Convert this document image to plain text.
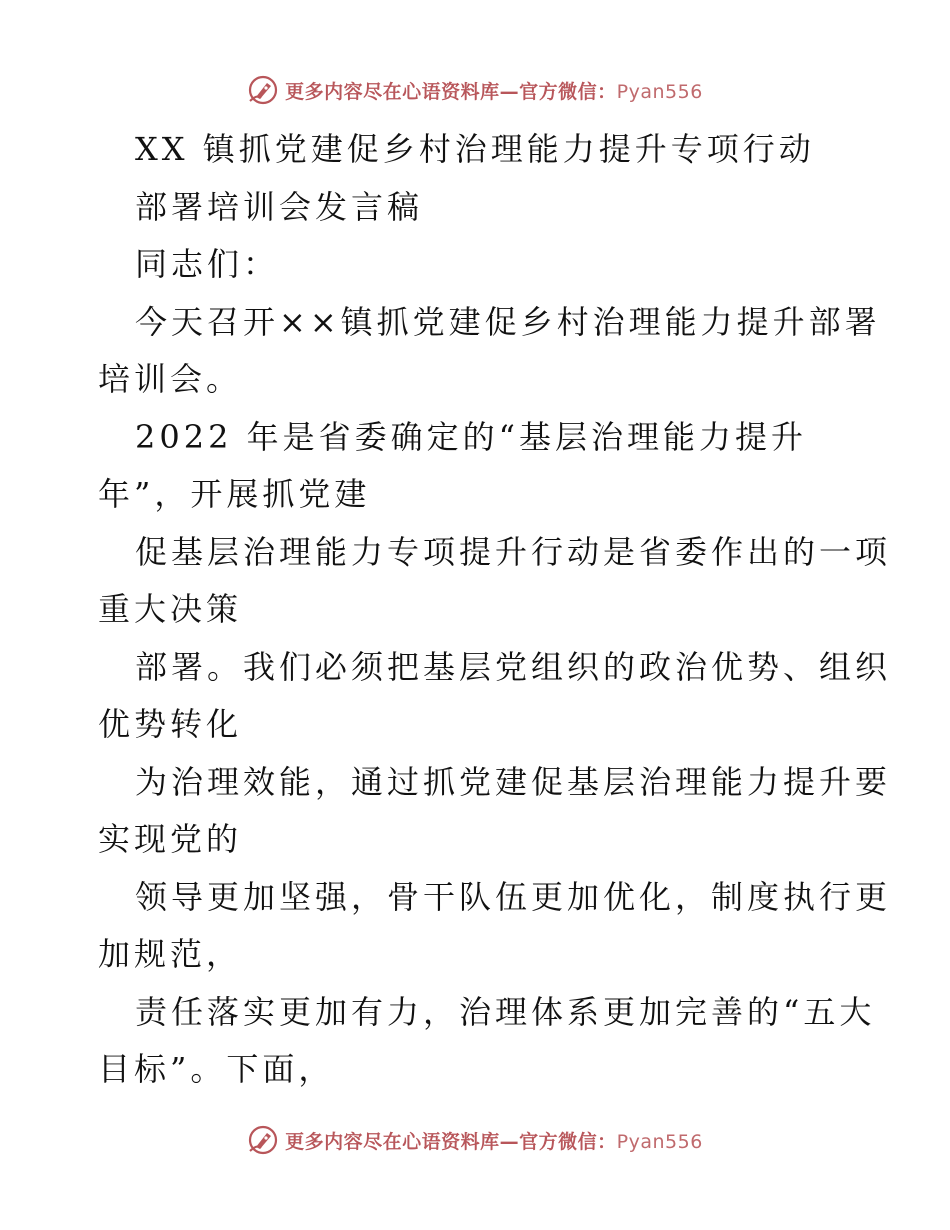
更多内容尽在心语资料库—官方微信：Pyan556
XX 镇抓党建促乡村治理能力提升专项行动
部署培训会发言稿
同志们：
今天召开××镇抓党建促乡村治理能力提升部署
培训会。
2022 年是省委确定的“基层治理能力提升
年”，开展抓党建
促基层治理能力专项提升行动是省委作出的一项
重大决策
部署。我们必须把基层党组织的政治优势、组织
优势转化
为治理效能，通过抓党建促基层治理能力提升要
实现党的
领导更加坚强，骨干队伍更加优化，制度执行更
加规范，
责任落实更加有力，治理体系更加完善的“五大
目标”。下面，
更多内容尽在心语资料库—官方微信：Pyan556
